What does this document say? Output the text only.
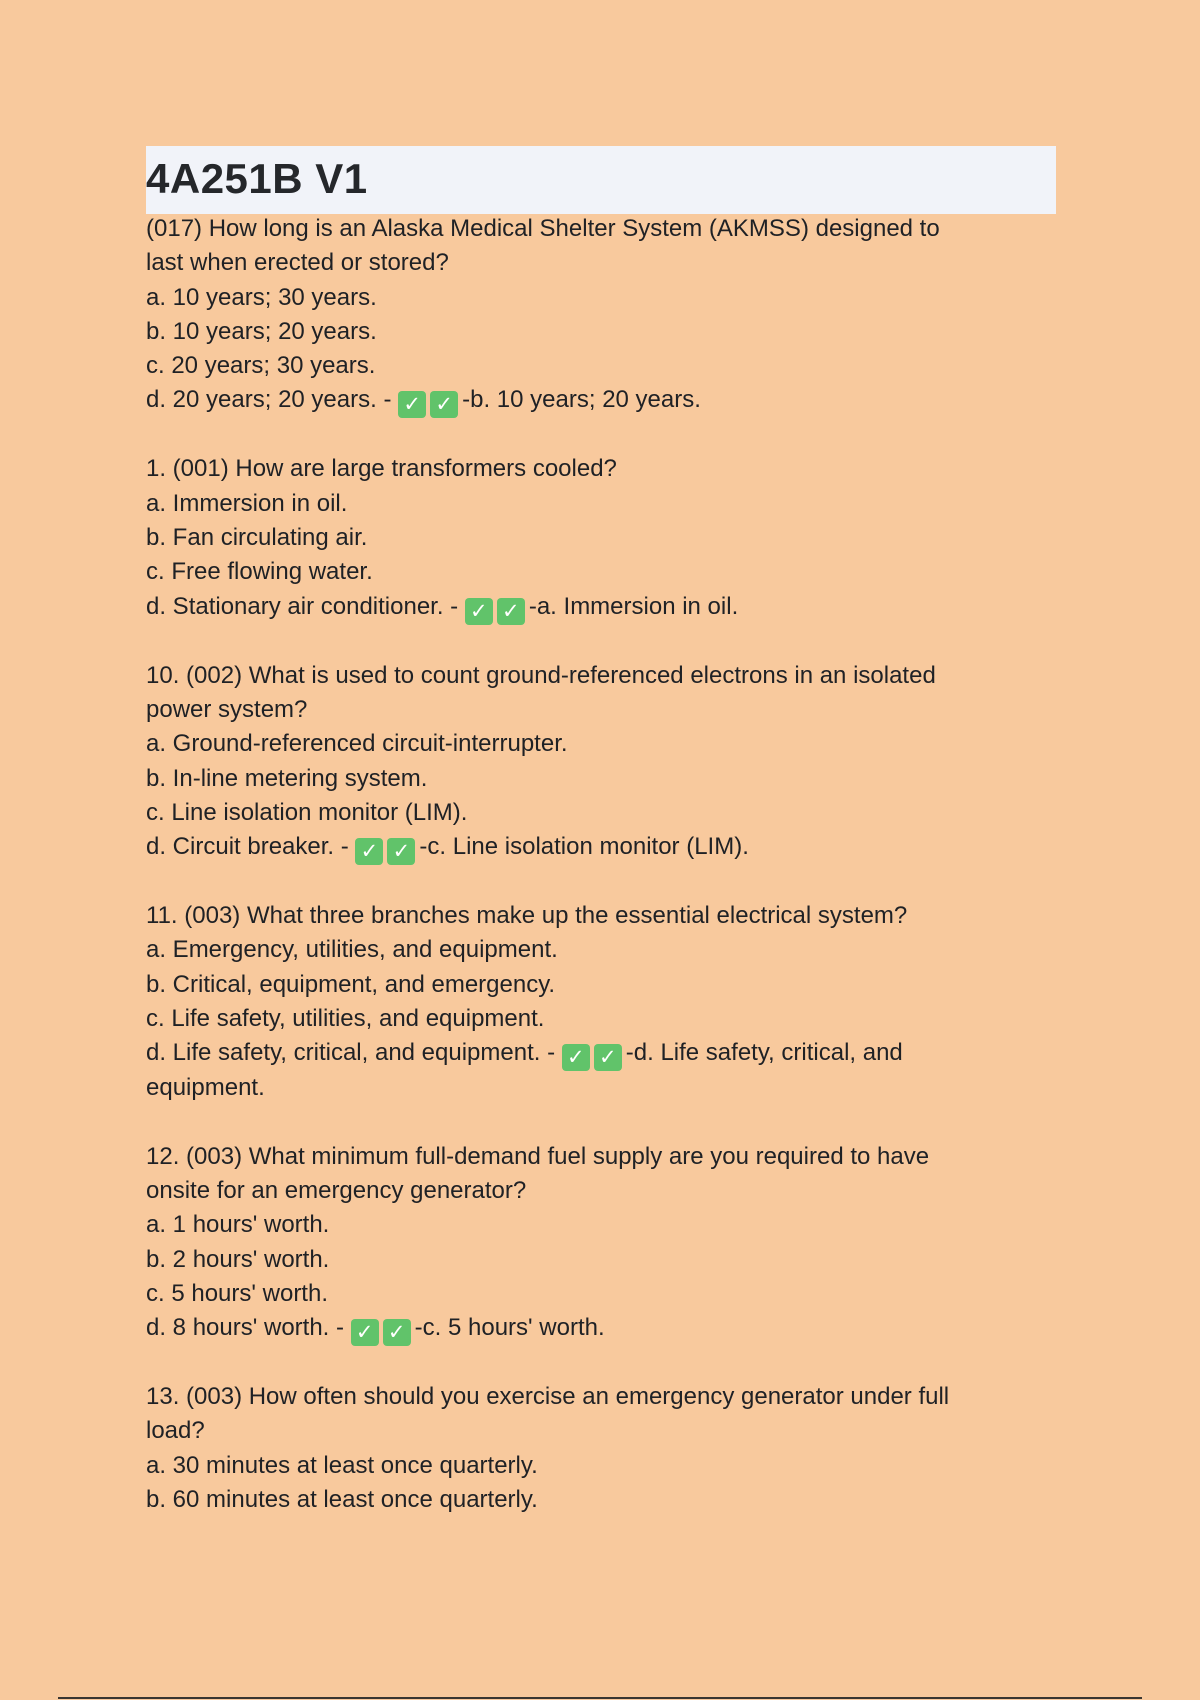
4A251B V1
(017) How long is an Alaska Medical Shelter System (AKMSS) designed to
last when erected or stored?
a. 10 years; 30 years.
b. 10 years; 20 years.
c. 20 years; 30 years.
d. 20 years; 20 years. - ✓ ✓ -b. 10 years; 20 years.
1. (001) How are large transformers cooled?
a. Immersion in oil.
b. Fan circulating air.
c. Free flowing water.
d. Stationary air conditioner. - ✓ ✓ -a. Immersion in oil.
10. (002) What is used to count ground-referenced electrons in an isolated
power system?
a. Ground-referenced circuit-interrupter.
b. In-line metering system.
c. Line isolation monitor (LIM).
d. Circuit breaker. - ✓ ✓ -c. Line isolation monitor (LIM).
11. (003) What three branches make up the essential electrical system?
a. Emergency, utilities, and equipment.
b. Critical, equipment, and emergency.
c. Life safety, utilities, and equipment.
d. Life safety, critical, and equipment. - ✓ ✓ -d. Life safety, critical, and
equipment.
12. (003) What minimum full-demand fuel supply are you required to have
onsite for an emergency generator?
a. 1 hours' worth.
b. 2 hours' worth.
c. 5 hours' worth.
d. 8 hours' worth. - ✓ ✓ -c. 5 hours' worth.
13. (003) How often should you exercise an emergency generator under full
load?
a. 30 minutes at least once quarterly.
b. 60 minutes at least once quarterly.
